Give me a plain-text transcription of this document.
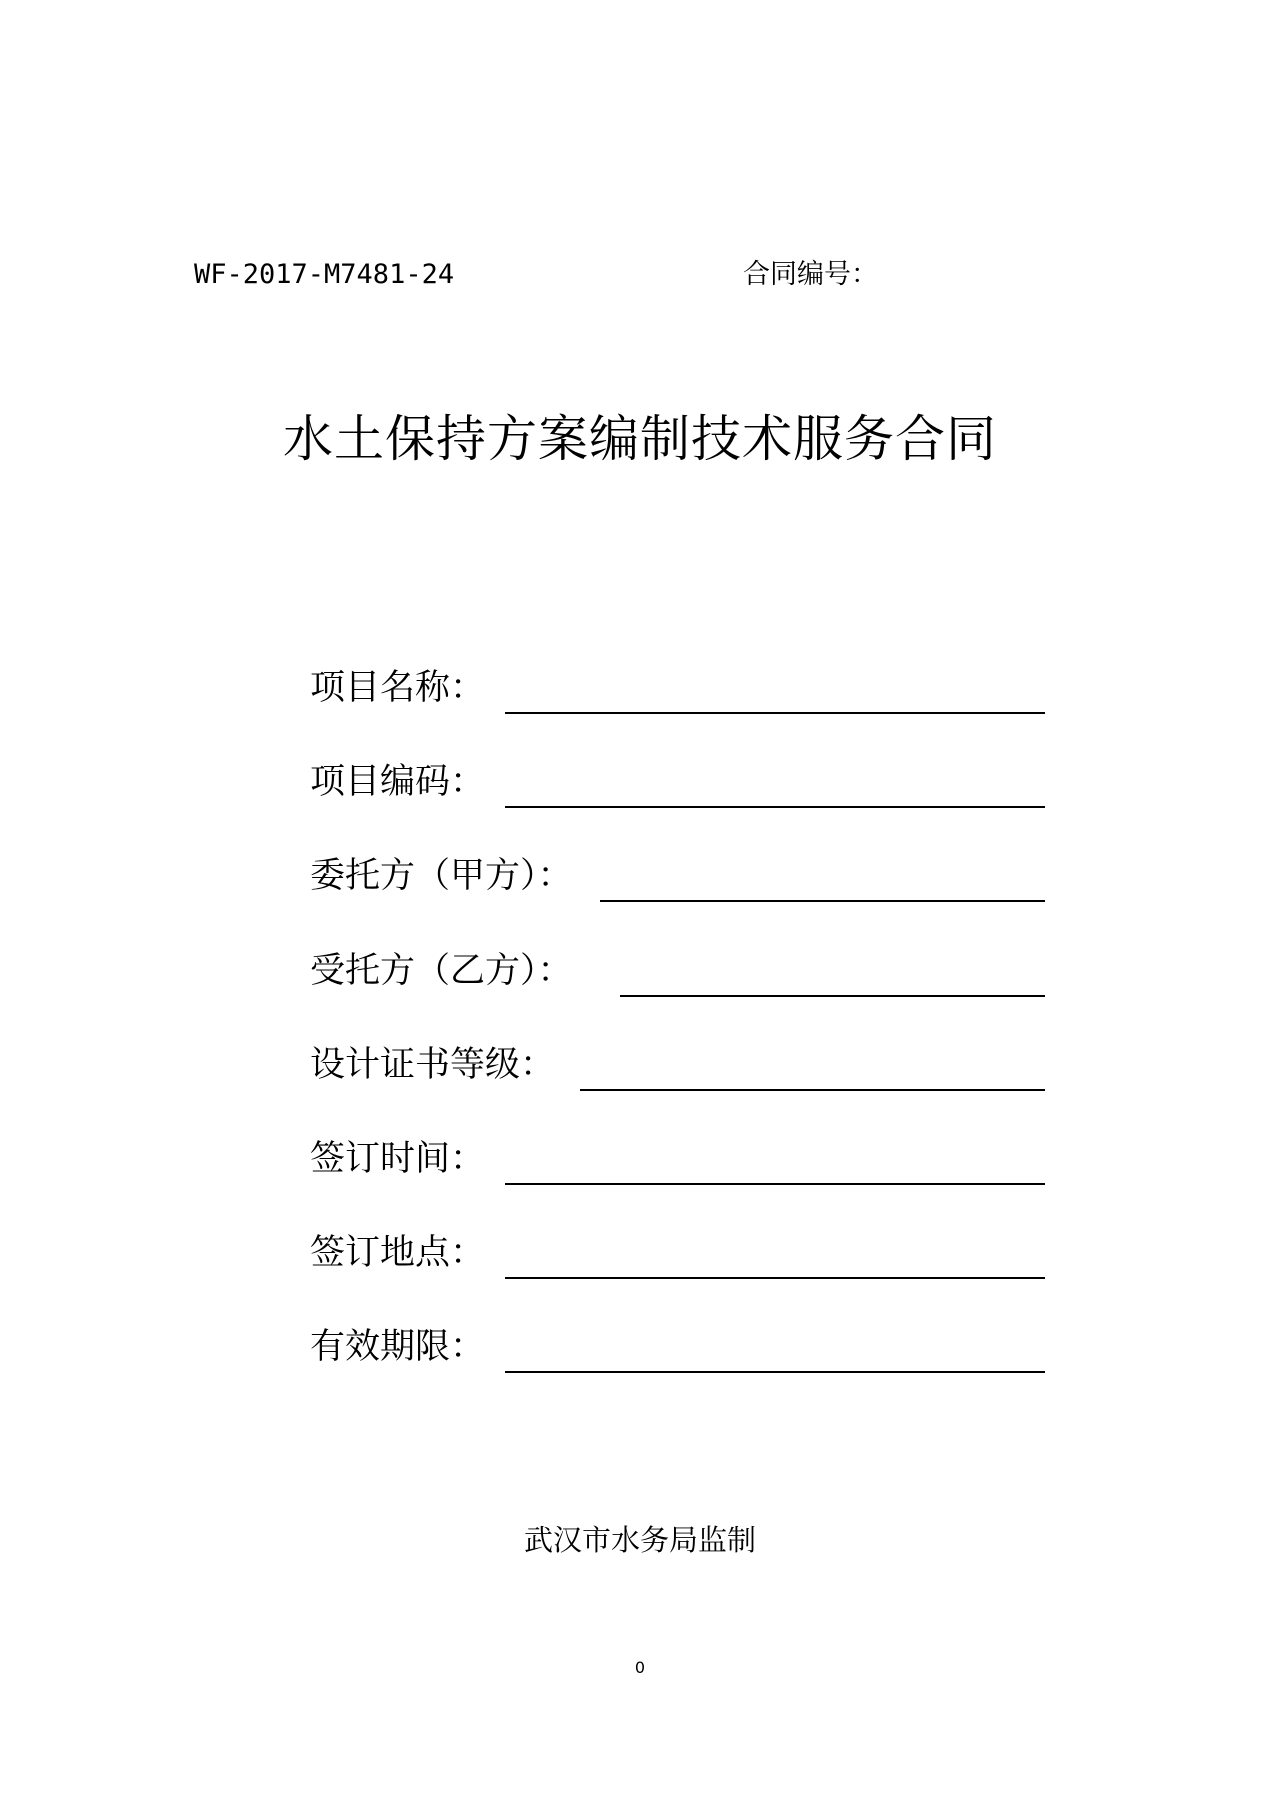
WF-2017-M7481-24	合同编号：
水土保持方案编制技术服务合同
项目名称：
项目编码：
委托方（甲方）：
受托方（乙方）：
设计证书等级：
签订时间：
签订地点：
有效期限：
武汉市水务局监制
0
